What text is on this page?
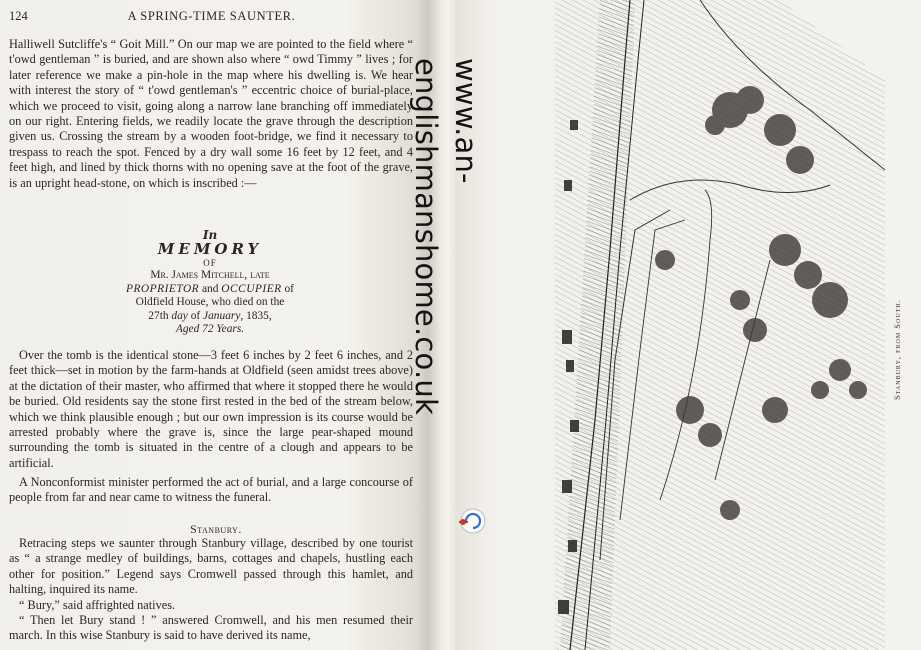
124	A SPRING-TIME SAUNTER.

Halliwell Sutcliffe's “ Goit Mill.” On our map we are pointed to the field where “ t'owd gentleman ” is buried, and are shown also where “ owd Timmy ” lives ; for later reference we make a pin-hole in the map where his dwelling is. We hear with interest the story of “ t'owd gentleman's ” eccentric choice of burial-place, which we proceed to visit, going along a narrow lane branching off immediately on our right. Entering fields, we readily locate the grave through the description given us. Crossing the stream by a wooden foot-bridge, we find it necessary to trespass to reach the spot. Fenced by a dry wall some 16 feet by 12 feet, and 4 feet high, and lined by thick thorns with no opening save at the foot of the grave, is an upright head-stone, on which is inscribed :—

In
MEMORY
OF
Mr. James Mitchell, late
PROPRIETOR and OCCUPIER of
Oldfield House, who died on the
27th day of January, 1835,
Aged 72 Years.

Over the tomb is the identical stone—3 feet 6 inches by 2 feet 6 inches, and 2 feet thick—set in motion by the farm-hands at Oldfield (seen amidst trees above) at the dictation of their master, who affirmed that where it stopped there he would be buried. Old residents say the stone first rested in the bed of the stream below, which we think plausible enough ; but our own impression is its course would be arrested probably where the grave is, since the large pear-shaped mound surrounding the tomb is situated in the centre of a clough and appears to be artificial.

A Nonconformist minister performed the act of burial, and a large concourse of people from far and near came to witness the funeral.

Stanbury.

Retracing steps we saunter through Stanbury village, described by one tourist as “ a strange medley of buildings, barns, cottages and chapels, hustling each other for position.” Legend says Cromwell passed through this hamlet, and halting, inquired its name.

“ Bury,” said affrighted natives.

“ Then let Bury stand ! ” answered Cromwell, and his men resumed their march. In this wise Stanbury is said to have derived its name,

Stanbury, from South.
www.an-englishmanshome.co.uk
